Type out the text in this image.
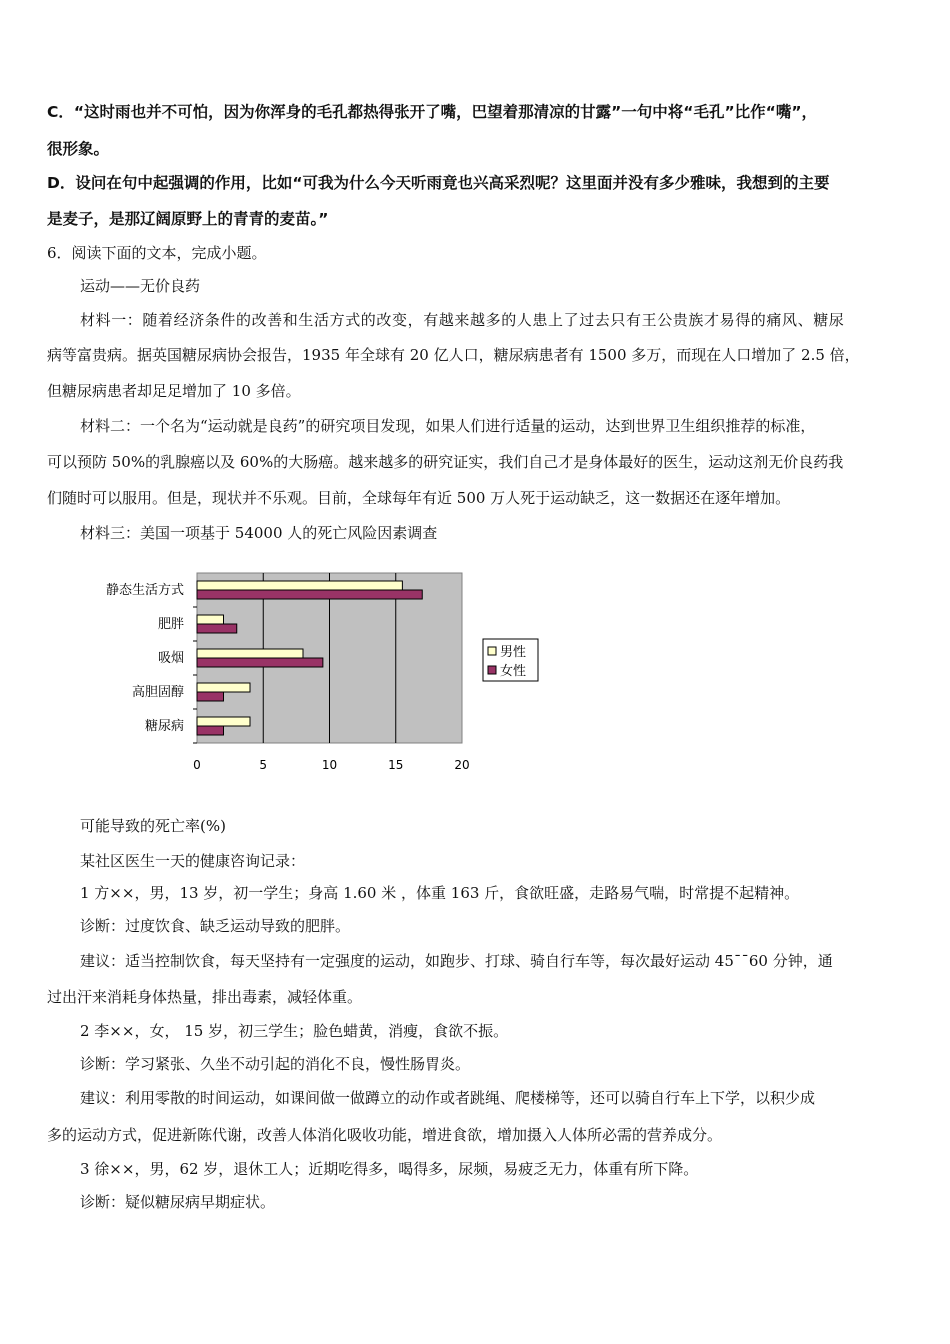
C．“这时雨也并不可怕，因为你浑身的毛孔都热得张开了嘴，巴望着那清凉的甘露”一句中将“毛孔”比作“嘴”，
很形象。
D．设问在句中起强调的作用，比如“可我为什么今天听雨竟也兴高采烈呢？这里面并没有多少雅味，我想到的主要
是麦子，是那辽阔原野上的青青的麦苗。”
6．阅读下面的文本，完成小题。
运动——无价良药
材料一：随着经济条件的改善和生活方式的改变，有越来越多的人患上了过去只有王公贵族才易得的痛风、糖尿
病等富贵病。据英国糖尿病协会报告，1935 年全球有 20 亿人口，糖尿病患者有 1500 多万，而现在人口增加了 2.5 倍，
但糖尿病患者却足足增加了 10 多倍。
材料二：一个名为“运动就是良药”的研究项目发现，如果人们进行适量的运动，达到世界卫生组织推荐的标准，
可以预防 50%的乳腺癌以及 60%的大肠癌。越来越多的研究证实，我们自己才是身体最好的医生，运动这剂无价良药我
们随时可以服用。但是，现状并不乐观。目前，全球每年有近 500 万人死于运动缺乏，这一数据还在逐年增加。
材料三：美国一项基于 54000 人的死亡风险因素调查
0	5	10	15	20
静态生活方式
肥胖
吸烟
高胆固醇
糖尿病
男性
女性
可能导致的死亡率(%)
某社区医生一天的健康咨询记录：
1 方××，男，13 岁，初一学生；身高 1.60 米 ，体重 163 斤，食欲旺盛，走路易气喘，时常提不起精神。
诊断：过度饮食、缺乏运动导致的肥胖。
建议：适当控制饮食，每天坚持有一定强度的运动，如跑步、打球、骑自行车等，每次最好运动 45¯¯60 分钟，通
过出汗来消耗身体热量，排出毒素，减轻体重。
2 李××，女， 15 岁，初三学生；脸色蜡黄，消瘦，食欲不振。
诊断：学习紧张、久坐不动引起的消化不良，慢性肠胃炎。
建议：利用零散的时间运动，如课间做一做蹲立的动作或者跳绳、爬楼梯等，还可以骑自行车上下学，以积少成
多的运动方式，促进新陈代谢，改善人体消化吸收功能，增进食欲，增加摄入人体所必需的营养成分。
3 徐××，男，62 岁，退休工人；近期吃得多，喝得多，尿频，易疲乏无力，体重有所下降。
诊断：疑似糖尿病早期症状。
